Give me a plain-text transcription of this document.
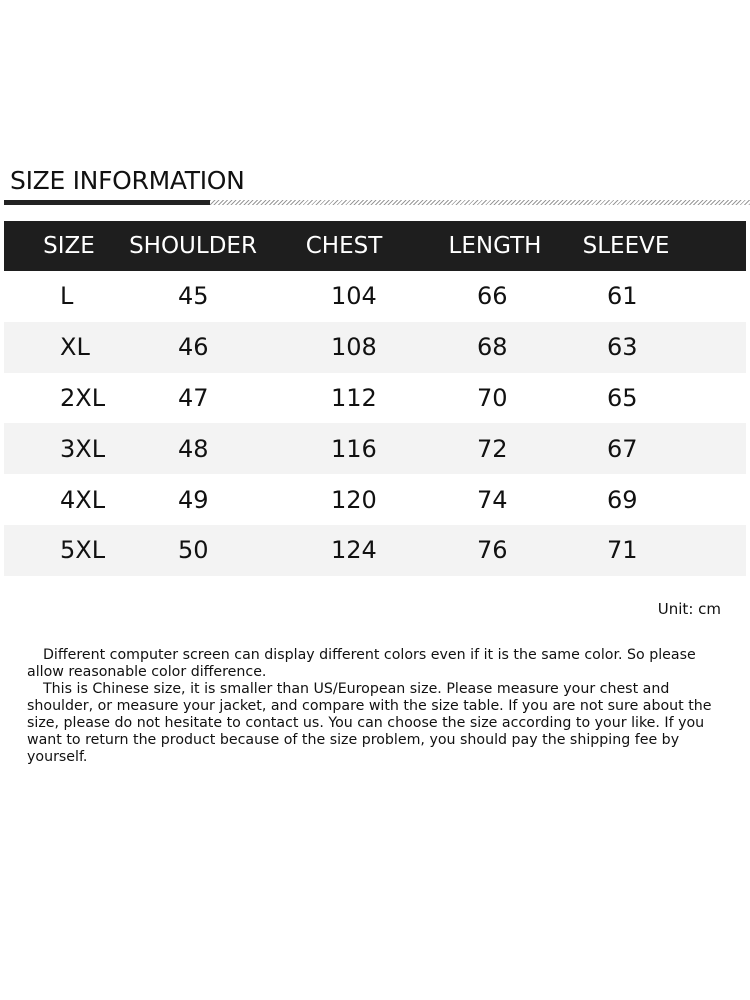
SIZE INFORMATION
SIZE	SHOULDER	CHEST	LENGTH	SLEEVE
L	45	104	66	61
XL	46	108	68	63
2XL	47	112	70	65
3XL	48	116	72	67
4XL	49	120	74	69
5XL	50	124	76	71
Unit: cm

Different computer screen can display different colors even if it is the same color. So please allow reasonable color difference.

This is Chinese size, it is smaller than US/European size. Please measure your chest and shoulder, or measure your jacket, and compare with the size table. If you are not sure about the size, please do not hesitate to contact us. You can choose the size according to your like. If you want to return the product because of the size problem, you should pay the shipping fee by yourself.
